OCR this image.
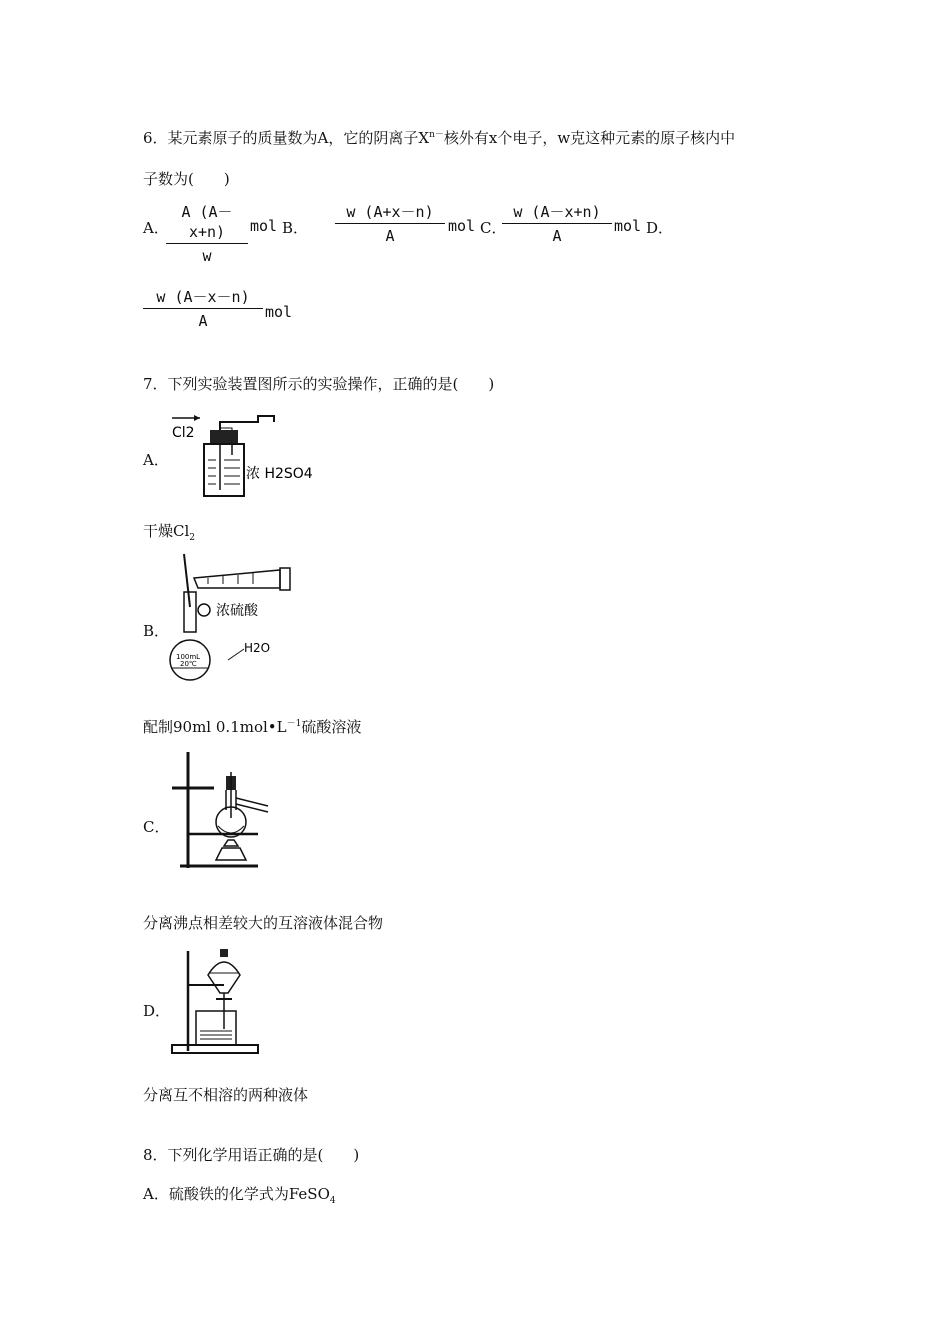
6．某元素原子的质量数为A，它的阴离子$X^{n-}$核外有x个电子，w克这种元素的原子核内中
子数为(　　)
A．
A (A－x+n)
w
mol B．
w (A+x－n)
A
mol C．
w (A－x+n)
A
mol D．
w (A－x－n)
A	mol
7．下列实验装置图所示的实验操作，正确的是(　　)
A．
Cl2
浓 H2SO4
干燥$Cl_2$
B．
浓硫酸
H2O
100mL
20℃
配制90ml $0.1mol•L^{-1}$硫酸溶液
C．
分离沸点相差较大的互溶液体混合物
D．
分离互不相溶的两种液体
8．下列化学用语正确的是(　　)
A．硫酸铁的化学式为FeSO$_4$
